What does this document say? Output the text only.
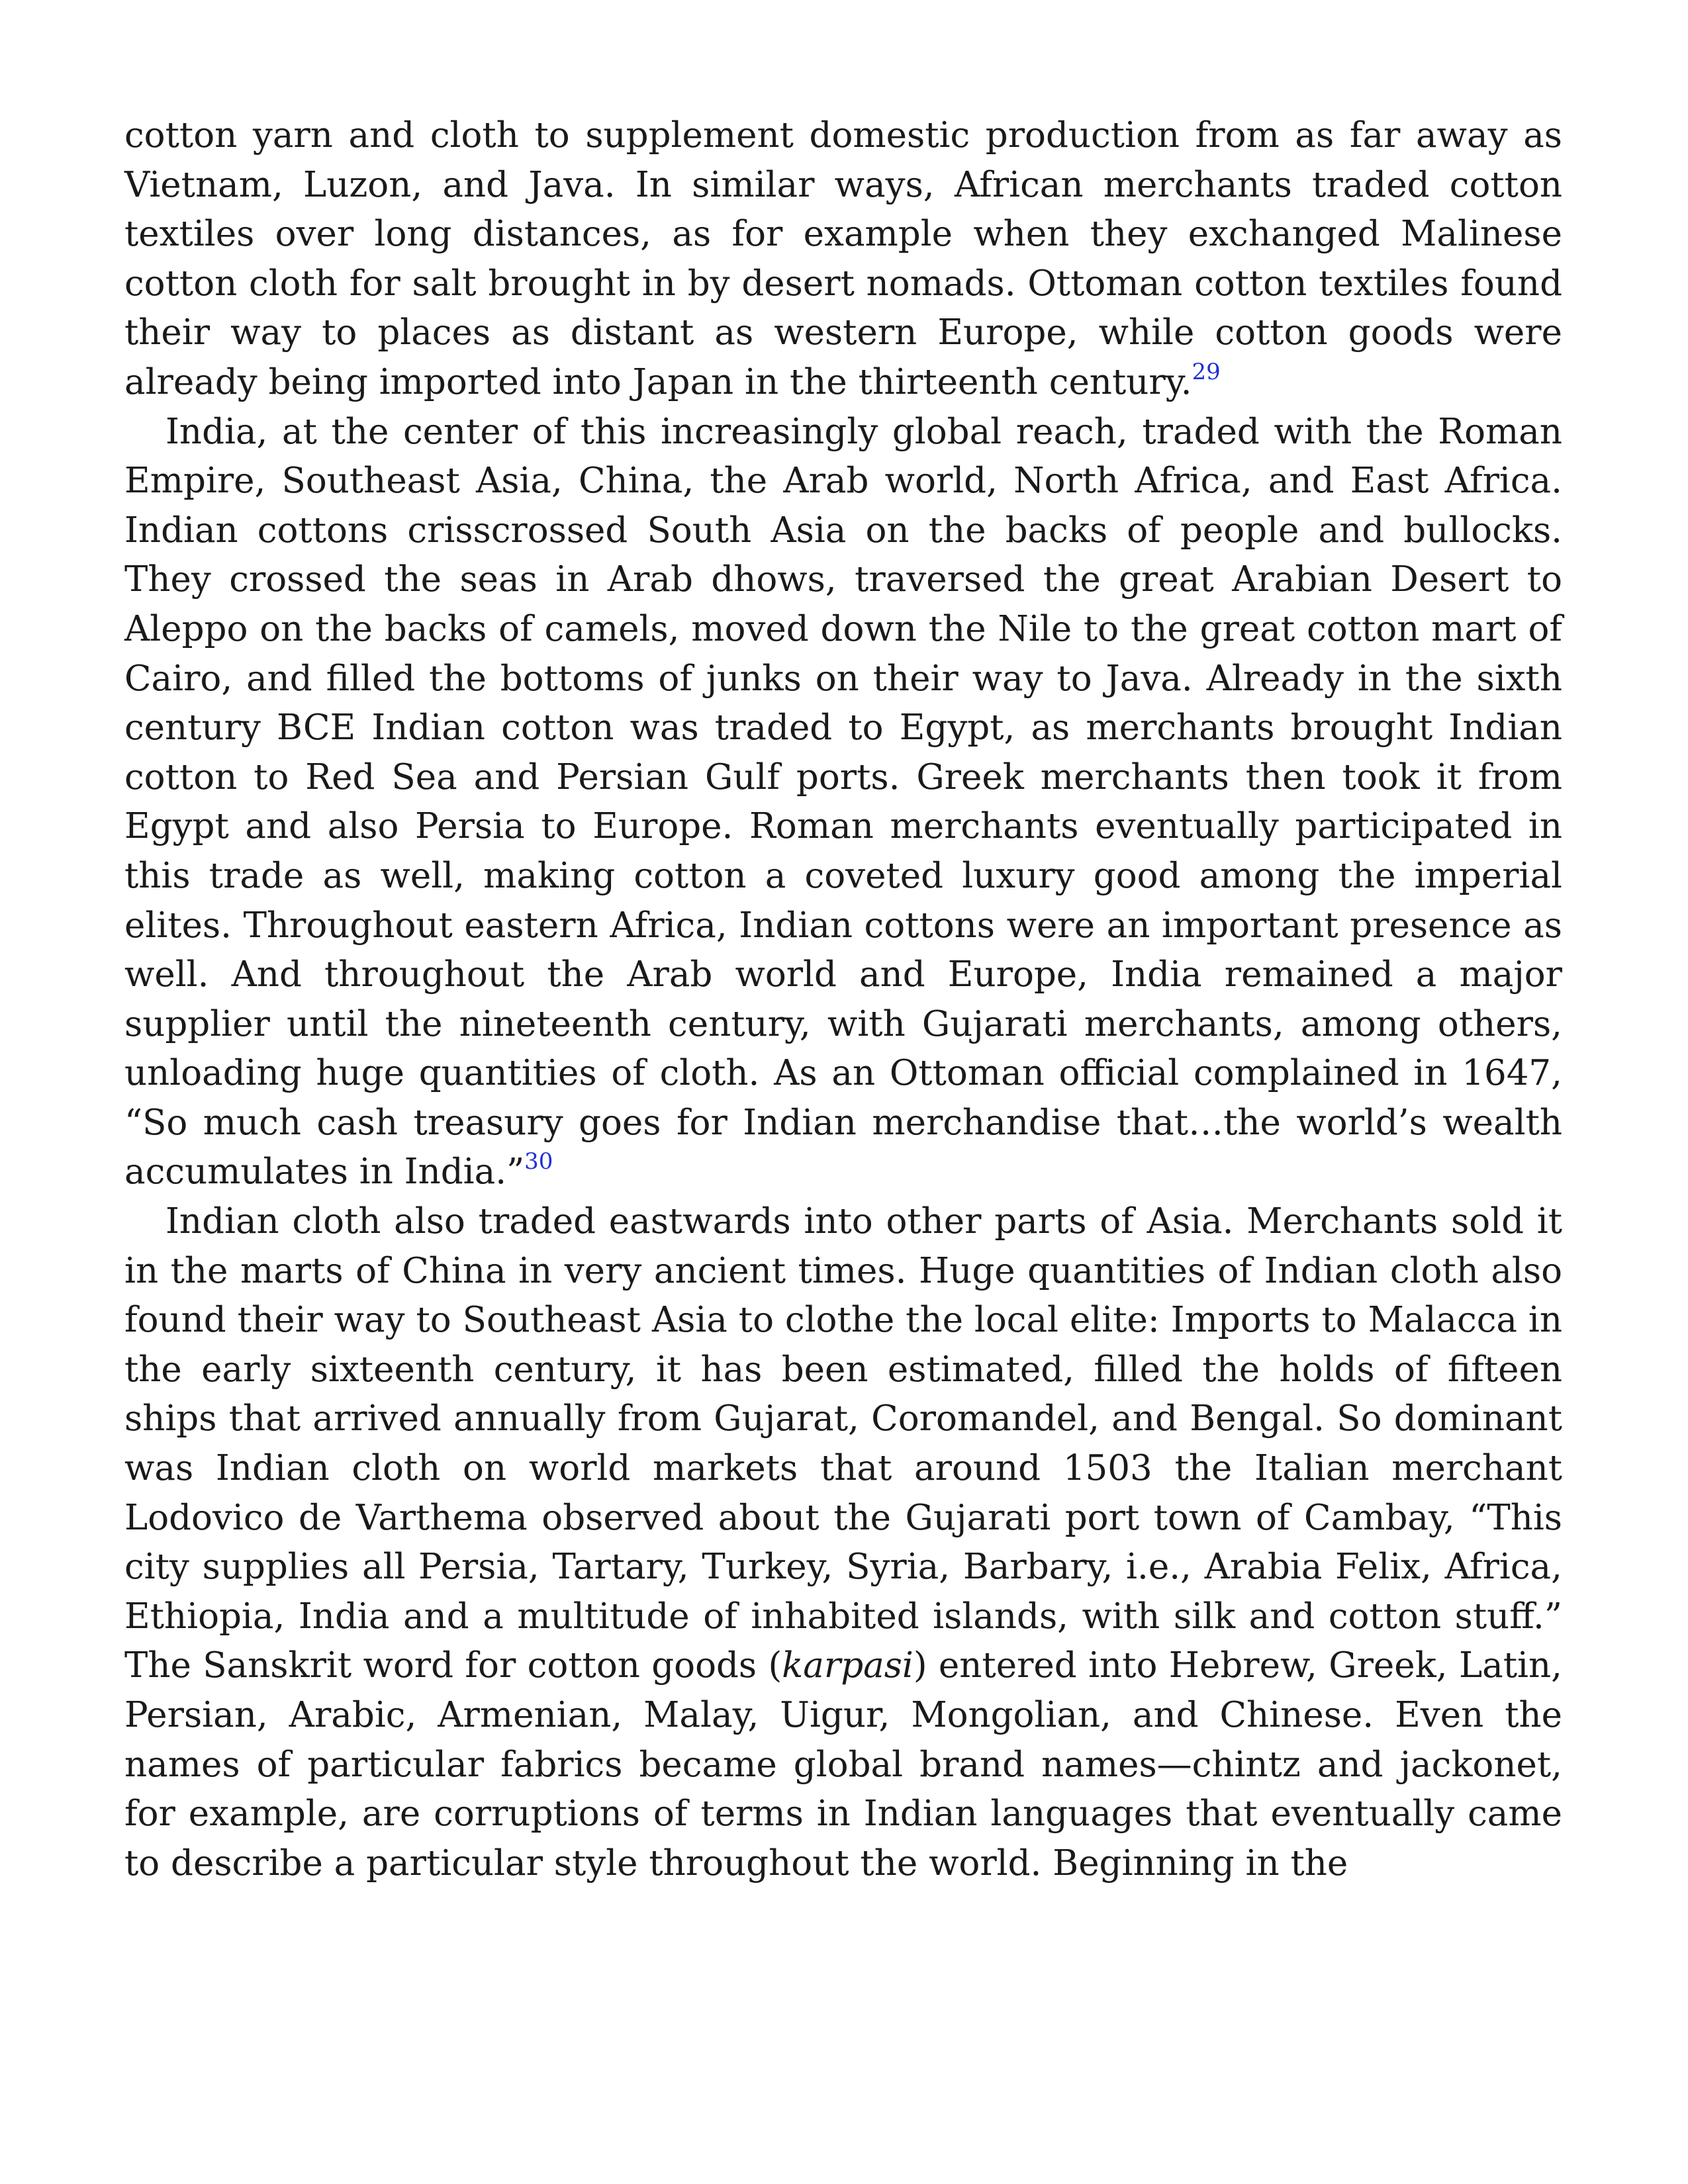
cotton yarn and cloth to supplement domestic production from as far away as Vietnam, Luzon, and Java. In similar ways, African merchants traded cotton textiles over long distances, as for example when they exchanged Malinese cotton cloth for salt brought in by desert nomads. Ottoman cotton textiles found their way to places as distant as western Europe, while cotton goods were already being imported into Japan in the thirteenth century.$^{29}$

India, at the center of this increasingly global reach, traded with the Roman Empire, Southeast Asia, China, the Arab world, North Africa, and East Africa. Indian cottons crisscrossed South Asia on the backs of people and bullocks. They crossed the seas in Arab dhows, traversed the great Arabian Desert to Aleppo on the backs of camels, moved down the Nile to the great cotton mart of Cairo, and filled the bottoms of junks on their way to Java. Already in the sixth century BCE Indian cotton was traded to Egypt, as merchants brought Indian cotton to Red Sea and Persian Gulf ports. Greek merchants then took it from Egypt and also Persia to Europe. Roman merchants eventually participated in this trade as well, making cotton a coveted luxury good among the imperial elites. Throughout eastern Africa, Indian cottons were an important presence as well. And throughout the Arab world and Europe, India remained a major supplier until the nineteenth century, with Gujarati merchants, among others, unloading huge quantities of cloth. As an Ottoman official complained in 1647, “So much cash treasury goes for Indian merchandise that…the world’s wealth accumulates in India.”$^{30}$

Indian cloth also traded eastwards into other parts of Asia. Merchants sold it in the marts of China in very ancient times. Huge quantities of Indian cloth also found their way to Southeast Asia to clothe the local elite: Imports to Malacca in the early sixteenth century, it has been estimated, filled the holds of fifteen ships that arrived annually from Gujarat, Coromandel, and Bengal. So dominant was Indian cloth on world markets that around 1503 the Italian merchant Lodovico de Varthema observed about the Gujarati port town of Cambay, “This city supplies all Persia, Tartary, Turkey, Syria, Barbary, i.e., Arabia Felix, Africa, Ethiopia, India and a multitude of inhabited islands, with silk and cotton stuff.” The Sanskrit word for cotton goods (karpasi) entered into Hebrew, Greek, Latin, Persian, Arabic, Armenian, Malay, Uigur, Mongolian, and Chinese. Even the names of particular fabrics became global brand names—chintz and jackonet, for example, are corruptions of terms in Indian languages that eventually came to describe a particular style throughout the world. Beginning in the
